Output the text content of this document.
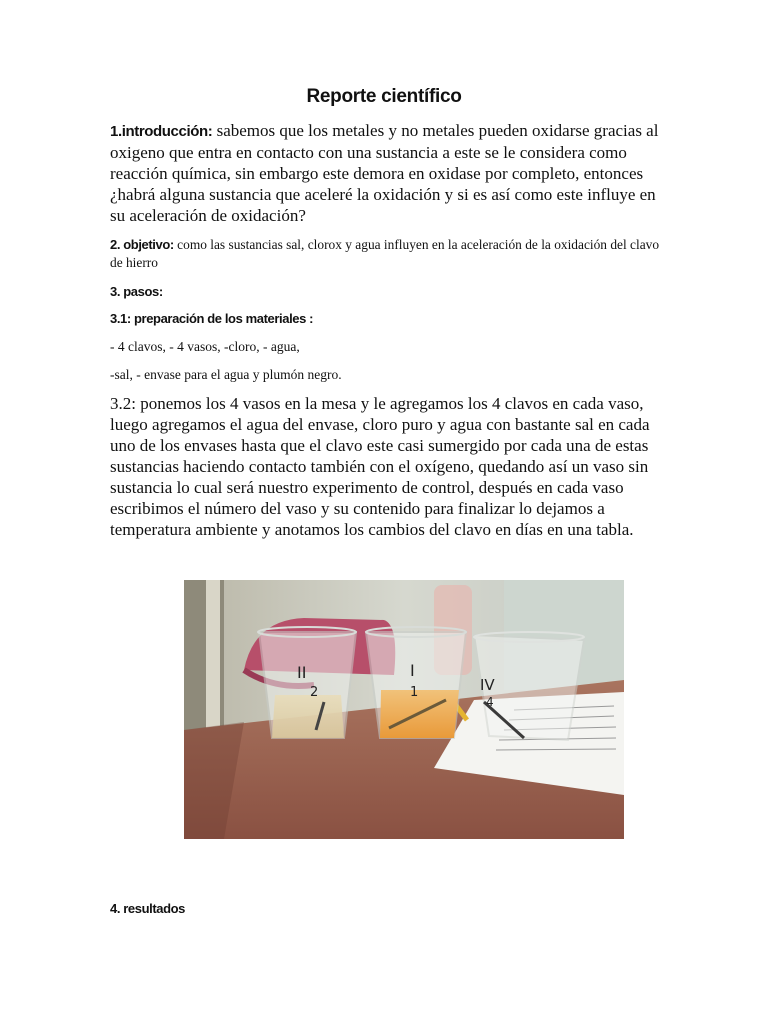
Reporte científico
1.introducción: sabemos que los metales y no metales pueden oxidarse gracias al oxigeno que entra en contacto con una sustancia a este se le considera como reacción química, sin embargo este demora en oxidase por completo, entonces ¿habrá alguna sustancia que aceleré la oxidación y si es así como este influye en su aceleración de oxidación?
2. objetivo: como las sustancias sal, clorox y agua influyen en la aceleración de la oxidación del clavo de hierro
3. pasos:
3.1: preparación de los materiales :
- 4 clavos, - 4 vasos, -cloro, - agua,
-sal, - envase para el agua y plumón negro.
3.2: ponemos los 4 vasos en la mesa y le agregamos los 4 clavos en cada vaso, luego agregamos el agua del envase, cloro puro y agua con bastante sal en cada uno de los envases hasta que el clavo este casi sumergido por cada una de estas sustancias haciendo contacto también con el oxígeno, quedando así un vaso sin sustancia lo cual será nuestro experimento de control, después en cada vaso escribimos el número del vaso y su contenido para finalizar lo dejamos a temperatura ambiente y anotamos los cambios del clavo en días en una tabla.
II
2
I
1	IV
4
4. resultados
